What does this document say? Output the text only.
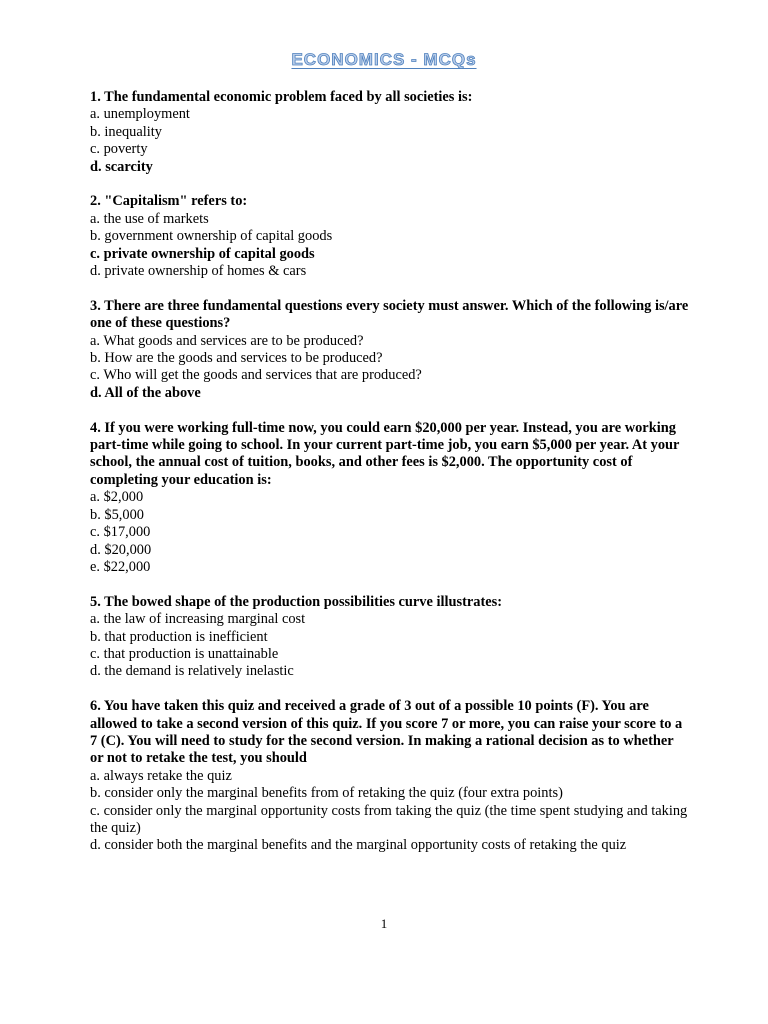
ECONOMICS - MCQs
1. The fundamental economic problem faced by all societies is:
a. unemployment
b. inequality
c. poverty
d. scarcity
2. "Capitalism" refers to:
a. the use of markets
b. government ownership of capital goods
c. private ownership of capital goods
d. private ownership of homes & cars
3. There are three fundamental questions every society must answer. Which of the following is/are one of these questions?
a. What goods and services are to be produced?
b. How are the goods and services to be produced?
c. Who will get the goods and services that are produced?
d. All of the above
4. If you were working full-time now, you could earn $20,000 per year. Instead, you are working part-time while going to school. In your current part-time job, you earn $5,000 per year. At your school, the annual cost of tuition, books, and other fees is $2,000. The opportunity cost of completing your education is:
a. $2,000
b. $5,000
c. $17,000
d. $20,000
e. $22,000
5. The bowed shape of the production possibilities curve illustrates:
a. the law of increasing marginal cost
b. that production is inefficient
c. that production is unattainable
d. the demand is relatively inelastic
6. You have taken this quiz and received a grade of 3 out of a possible 10 points (F). You are allowed to take a second version of this quiz. If you score 7 or more, you can raise your score to a 7 (C). You will need to study for the second version. In making a rational decision as to whether or not to retake the test, you should
a. always retake the quiz
b. consider only the marginal benefits from of retaking the quiz (four extra points)
c. consider only the marginal opportunity costs from taking the quiz (the time spent studying and taking the quiz)
d. consider both the marginal benefits and the marginal opportunity costs of retaking the quiz
1
